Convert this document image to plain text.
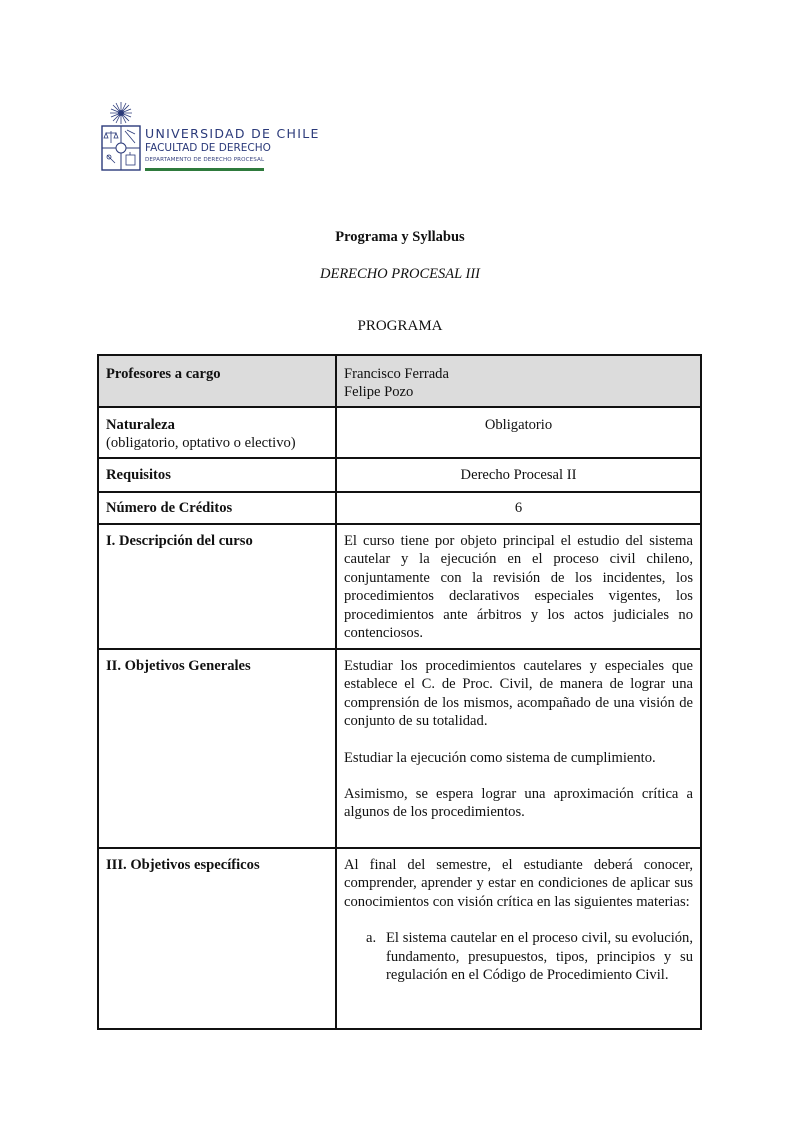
UNIVERSIDAD DE CHILE
FACULTAD DE DERECHO
DEPARTAMENTO DE DERECHO PROCESAL
Programa y Syllabus
DERECHO PROCESAL III
PROGRAMA
Profesores a cargo	Francisco Ferrada
Felipe Pozo

Naturaleza
(obligatorio, optativo o electivo)	Obligatorio
Requisitos	Derecho Procesal II
Número de Créditos	6
I. Descripción del curso	El curso tiene por objeto principal el estudio del sistema cautelar y la ejecución en el proceso civil chileno, conjuntamente con la revisión de los incidentes, los procedimientos declarativos especiales vigentes, los procedimientos ante árbitros y los actos judiciales no contenciosos.
II. Objetivos Generales	Estudiar los procedimientos cautelares y especiales que establece el C. de Proc. Civil, de manera de lograr una comprensión de los mismos, acompañado de una visión de conjunto de su totalidad.

Estudiar la ejecución como sistema de cumplimiento.

Asimismo, se espera lograr una aproximación crítica a algunos de los procedimientos.

III. Objetivos específicos	Al final del semestre, el estudiante deberá conocer, comprender, aprender y estar en condiciones de aplicar sus conocimientos con visión crítica en las siguientes materias:

a. El sistema cautelar en el proceso civil, su evolución, fundamento, presupuestos, tipos, principios y su regulación en el Código de Procedimiento Civil.
